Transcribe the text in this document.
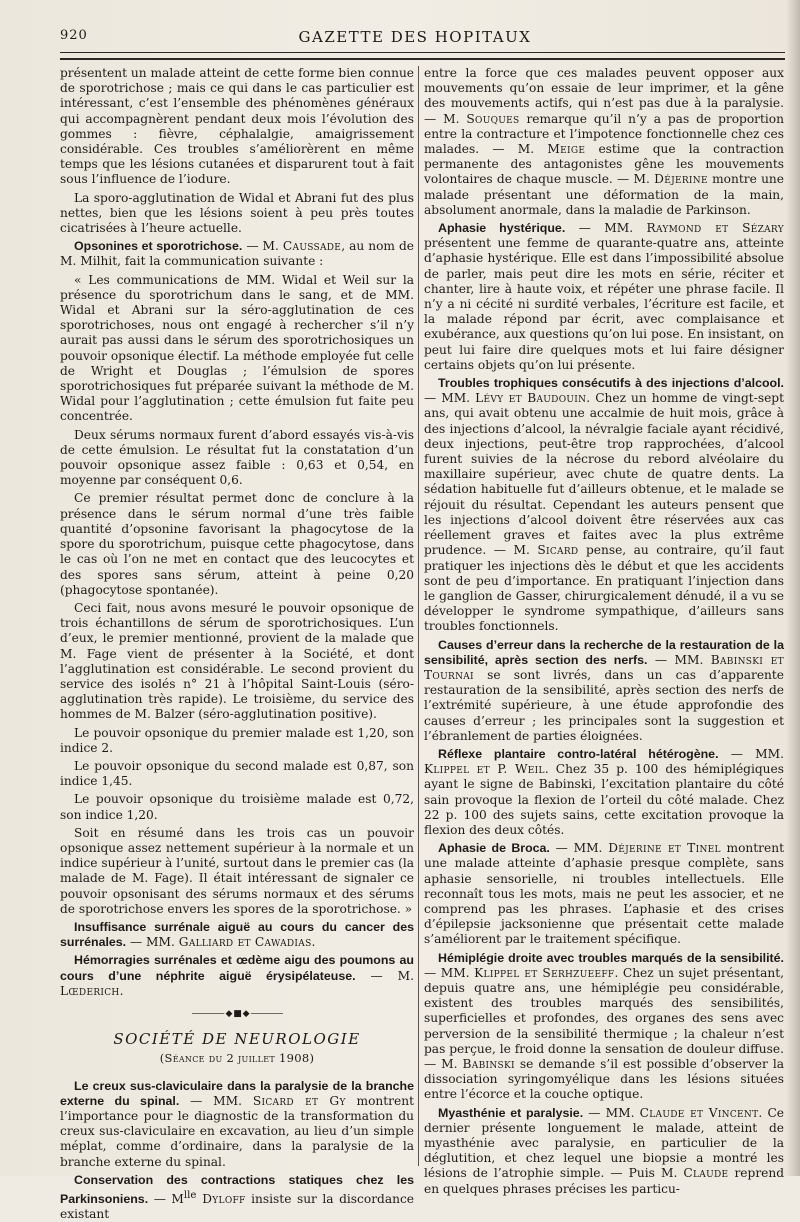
920	GAZETTE DES HOPITAUX

présentent un malade atteint de cette forme bien connue de sporotrichose ; mais ce qui dans le cas particulier est intéressant, c’est l’ensemble des phénomènes généraux qui accompagnèrent pendant deux mois l’évolution des gommes : fièvre, céphalalgie, amaigrissement considérable. Ces troubles s’améliorèrent en même temps que les lésions cutanées et disparurent tout à fait sous l’influence de l’iodure.

La sporo-agglutination de Widal et Abrani fut des plus nettes, bien que les lésions soient à peu près toutes cicatrisées à l’heure actuelle.

Opsonines et sporotrichose. — M. Caussade, au nom de M. Milhit, fait la communication suivante :

« Les communications de MM. Widal et Weil sur la présence du sporotrichum dans le sang, et de MM. Widal et Abrani sur la séro-agglutination de ces sporotrichoses, nous ont engagé à rechercher s’il n’y aurait pas aussi dans le sérum des sporotrichosiques un pouvoir opsonique électif. La méthode employée fut celle de Wright et Douglas ; l’émulsion de spores sporotrichosiques fut préparée suivant la méthode de M. Widal pour l’agglutination ; cette émulsion fut faite peu concentrée.

Deux sérums normaux furent d’abord essayés vis-à-vis de cette émulsion. Le résultat fut la constatation d’un pouvoir opsonique assez faible : 0,63 et 0,54, en moyenne par conséquent 0,6.

Ce premier résultat permet donc de conclure à la présence dans le sérum normal d’une très faible quantité d’opsonine favorisant la phagocytose de la spore du sporotrichum, puisque cette phagocytose, dans le cas où l’on ne met en contact que des leucocytes et des spores sans sérum, atteint à peine 0,20 (phagocytose spontanée).

Ceci fait, nous avons mesuré le pouvoir opsonique de trois échantillons de sérum de sporotrichosiques. L’un d’eux, le premier mentionné, provient de la malade que M. Fage vient de présenter à la Société, et dont l’agglutination est considérable. Le second provient du service des isolés n° 21 à l’hôpital Saint-Louis (séro-agglutination très rapide). Le troisième, du service des hommes de M. Balzer (séro-agglutination positive).

Le pouvoir opsonique du premier malade est 1,20, son indice 2.

Le pouvoir opsonique du second malade est 0,87, son indice 1,45.

Le pouvoir opsonique du troisième malade est 0,72, son indice 1,20.

Soit en résumé dans les trois cas un pouvoir opsonique assez nettement supérieur à la normale et un indice supérieur à l’unité, surtout dans le premier cas (la malade de M. Fage). Il était intéressant de signaler ce pouvoir opsonisant des sérums normaux et des sérums de sporotrichose envers les spores de la sporotrichose. »

Insuffisance surrénale aiguë au cours du cancer des surrénales. — MM. Galliard et Cawadias.

Hémorragies surrénales et œdème aigu des poumons au cours d’une néphrite aiguë érysipélateuse. — M. Lœderich.

———— ◆ ■ ◆ ————
SOCIÉTÉ DE NEUROLOGIE
(Séance du 2 juillet 1908)

Le creux sus-claviculaire dans la paralysie de la branche externe du spinal. — MM. Sicard et Gy montrent l’importance pour le diagnostic de la transformation du creux sus-claviculaire en excavation, au lieu d’un simple méplat, comme d’ordinaire, dans la paralysie de la branche externe du spinal.

Conservation des contractions statiques chez les Parkinsoniens. — $M^{lle}$ Dyloff insiste sur la discordance existant

entre la force que ces malades peuvent opposer aux mouvements qu’on essaie de leur imprimer, et la gêne des mouvements actifs, qui n’est pas due à la paralysie. — M. Souques remarque qu’il n’y a pas de proportion entre la contracture et l’impotence fonctionnelle chez ces malades. — M. Meige estime que la contraction permanente des antagonistes gêne les mouvements volontaires de chaque muscle. — M. Déjerine montre une malade présentant une déformation de la main, absolument anormale, dans la maladie de Parkinson.

Aphasie hystérique. — MM. Raymond et Sézary présentent une femme de quarante-quatre ans, atteinte d’aphasie hystérique. Elle est dans l’impossibilité absolue de parler, mais peut dire les mots en série, réciter et chanter, lire à haute voix, et répéter une phrase facile. Il n’y a ni cécité ni surdité verbales, l’écriture est facile, et la malade répond par écrit, avec complaisance et exubérance, aux questions qu’on lui pose. En insistant, on peut lui faire dire quelques mots et lui faire désigner certains objets qu’on lui présente.

Troubles trophiques consécutifs à des injections d’alcool. — MM. Lévy et Baudouin. Chez un homme de vingt-sept ans, qui avait obtenu une accalmie de huit mois, grâce à des injections d’alcool, la névralgie faciale ayant récidivé, deux injections, peut-être trop rapprochées, d’alcool furent suivies de la nécrose du rebord alvéolaire du maxillaire supérieur, avec chute de quatre dents. La sédation habituelle fut d’ailleurs obtenue, et le malade se réjouit du résultat. Cependant les auteurs pensent que les injections d’alcool doivent être réservées aux cas réellement graves et faites avec la plus extrême prudence. — M. Sicard pense, au contraire, qu’il faut pratiquer les injections dès le début et que les accidents sont de peu d’importance. En pratiquant l’injection dans le ganglion de Gasser, chirurgicalement dénudé, il a vu se développer le syndrome sympathique, d’ailleurs sans troubles fonctionnels.

Causes d’erreur dans la recherche de la restauration de la sensibilité, après section des nerfs. — MM. Babinski et Tournai se sont livrés, dans un cas d’apparente restauration de la sensibilité, après section des nerfs de l’extrémité supérieure, à une étude approfondie des causes d’erreur ; les principales sont la suggestion et l’ébranlement de parties éloignées.

Réflexe plantaire contro-latéral hétérogène. — MM. Klippel et P. Weil. Chez 35 p. 100 des hémiplégiques ayant le signe de Babinski, l’excitation plantaire du côté sain provoque la flexion de l’orteil du côté malade. Chez 22 p. 100 des sujets sains, cette excitation provoque la flexion des deux côtés.

Aphasie de Broca. — MM. Déjerine et Tinel montrent une malade atteinte d’aphasie presque complète, sans aphasie sensorielle, ni troubles intellectuels. Elle reconnaît tous les mots, mais ne peut les associer, et ne comprend pas les phrases. L’aphasie et des crises d’épilepsie jacksonienne que présentait cette malade s’améliorent par le traitement spécifique.

Hémiplégie droite avec troubles marqués de la sensibilité. — MM. Klippel et Serhzueeff. Chez un sujet présentant, depuis quatre ans, une hémiplégie peu considérable, existent des troubles marqués des sensibilités, superficielles et profondes, des organes des sens avec perversion de la sensibilité thermique ; la chaleur n’est pas perçue, le froid donne la sensation de douleur diffuse. — M. Babinski se demande s’il est possible d’observer la dissociation syringomyélique dans les lésions situées entre l’écorce et la couche optique.

Myasthénie et paralysie. — MM. Claude et Vincent. Ce dernier présente longuement le malade, atteint de myasthénie avec paralysie, en particulier de la déglutition, et chez lequel une biopsie a montré les lésions de l’atrophie simple. — Puis M. Claude reprend en quelques phrases précises les particu-
